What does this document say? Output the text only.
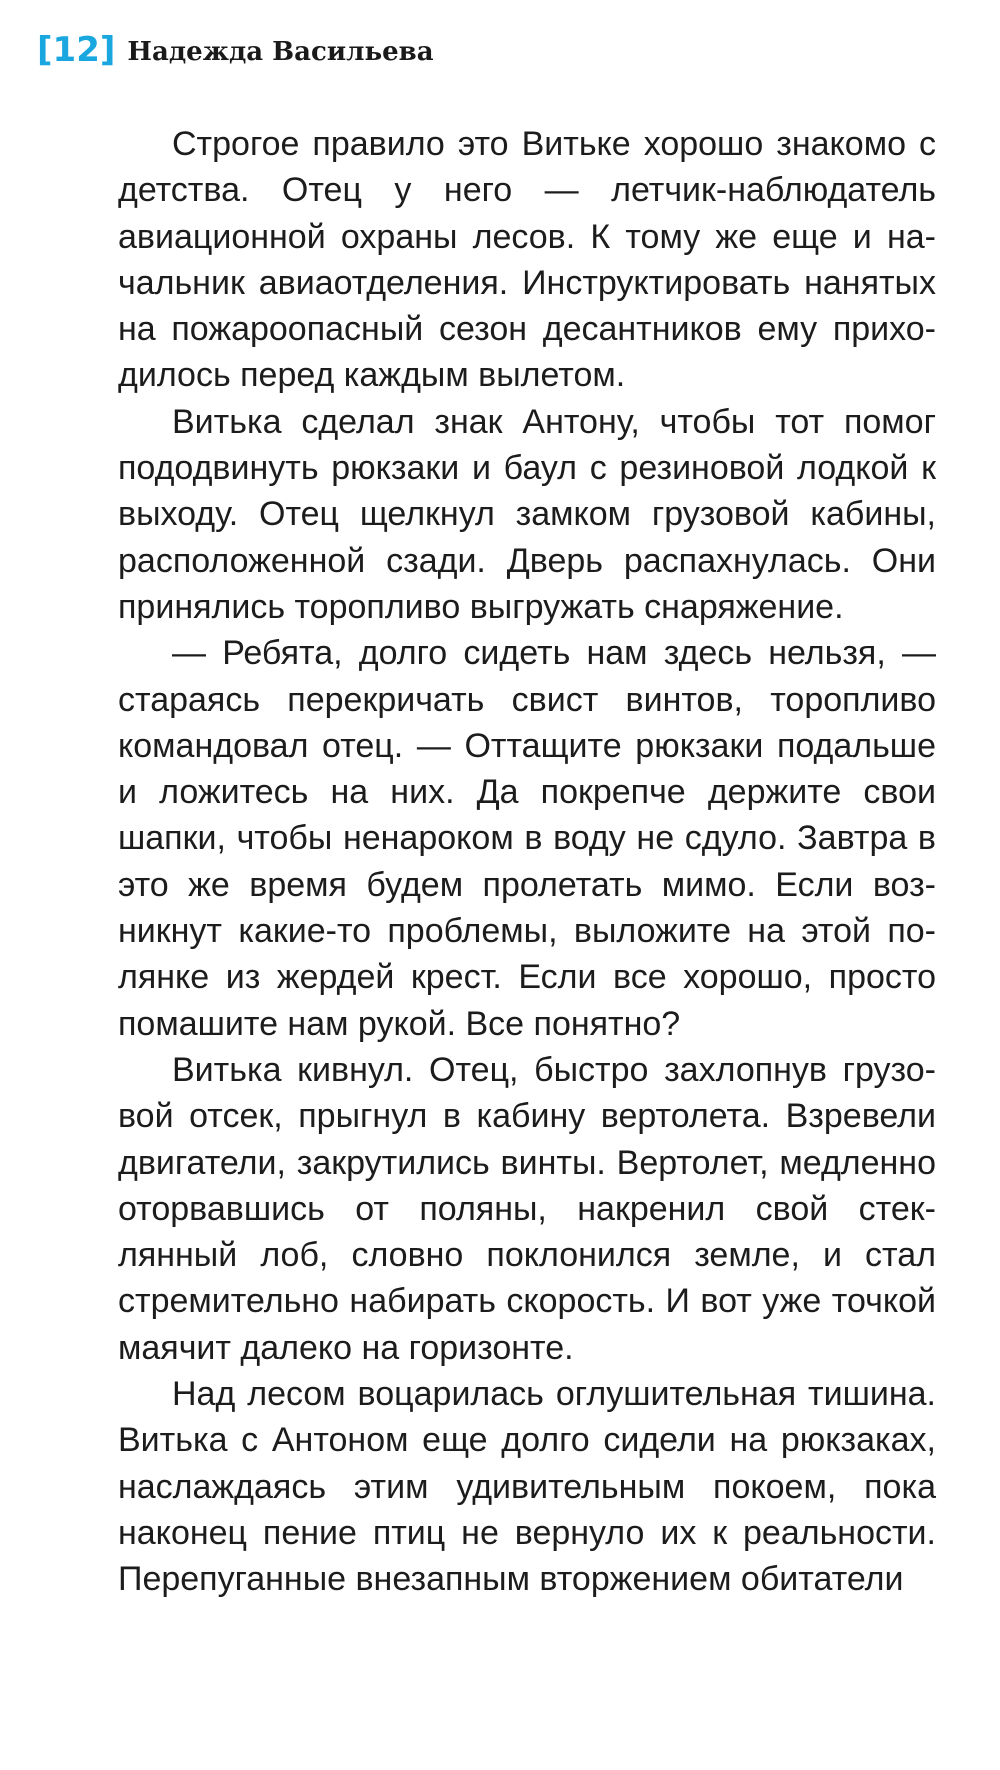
[12] Надежда Васильева

Строгое правило это Витьке хорошо знакомо с детства. Отец у него — летчик-наблюдатель авиационной охраны лесов. К тому же еще и начальник авиаотделения. Инструктировать нанятых на пожароопасный сезон десантников ему приходилось перед каждым вылетом.

Витька сделал знак Антону, чтобы тот помог пододвинуть рюкзаки и баул с резиновой лодкой к выходу. Отец щелкнул замком грузовой кабины, расположенной сзади. Дверь распахнулась. Они принялись торопливо выгружать снаряжение.

— Ребята, долго сидеть нам здесь нельзя, — стараясь перекричать свист винтов, торопливо командовал отец. — Оттащите рюкзаки подальше и ложитесь на них. Да покрепче держите свои шапки, чтобы ненароком в воду не сдуло. Завтра в это же время будем пролетать мимо. Если возникнут какие-то проблемы, выложите на этой полянке из жердей крест. Если все хорошо, просто помашите нам рукой. Все понятно?

Витька кивнул. Отец, быстро захлопнув грузовой отсек, прыгнул в кабину вертолета. Взревели двигатели, закрутились винты. Вертолет, медленно оторвавшись от поляны, накренил свой стеклянный лоб, словно поклонился земле, и стал стремительно набирать скорость. И вот уже точкой маячит далеко на горизонте.

Над лесом воцарилась оглушительная тишина. Витька с Антоном еще долго сидели на рюкзаках, наслаждаясь этим удивительным покоем, пока наконец пение птиц не вернуло их к реальности. Перепуганные внезапным вторжением обитатели
